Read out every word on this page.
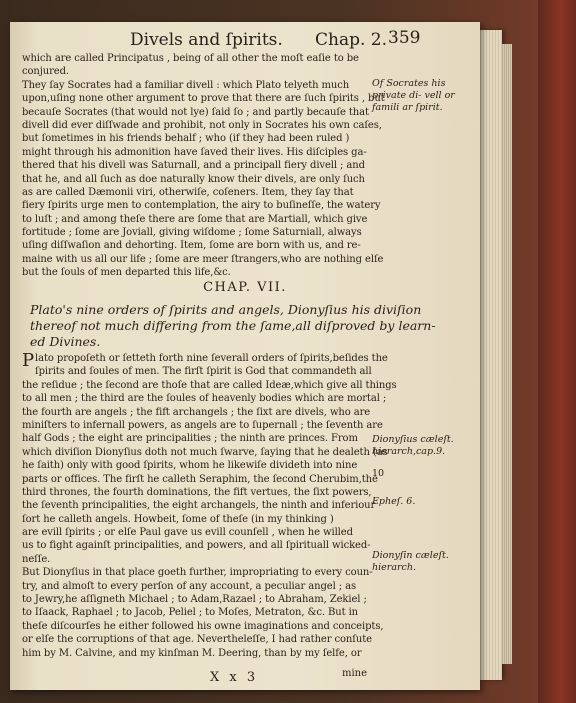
Divels and ſpirits. Chap. 2. 359
which are called Principatus , being of all other the moſt eaſie to be
conjured.
They ſay Socrates had a familiar divell : which Plato telyeth much
upon,uſing none other argument to prove that there are ſuch ſpirits , but
becauſe Socrates (that would not lye) ſaid ſo ; and partly becauſe that
divell did ever diſſwade and prohibit, not only in Socrates his own caſes,
but ſometimes in his friends behalf ; who (if they had been ruled )
might through his admonition have ſaved their lives. His diſciples ga-
thered that his divell was Saturnall, and a principall fiery divell ; and
that he, and all ſuch as doe naturally know their divels, are only ſuch
as are called Dæmonii viri, otherwiſe, coſeners. Item, they ſay that
fiery ſpirits urge men to contemplation, the airy to buſineſſe, the watery
to luſt ; and among theſe there are ſome that are Martiall, which give
fortitude ; ſome are Joviall, giving wiſdome ; ſome Saturniall, always
uſing diſſwaſion and dehorting. Item, ſome are born with us, and re-
maine with us all our life ; ſome are meer ſtrangers,who are nothing elſe
but the ſouls of men departed this life,&c.
Of Socrates his private di- vell or famili ar ſpirit.
CHAP. VII.
Plato's nine orders of ſpirits and angels, Dionyſius his diviſion
thereof not much differing from the ſame,all diſproved by learn-
ed Divines.
Plato propoſeth or ſetteth forth nine ſeverall orders of ſpirits,beſides the
ſpirits and ſoules of men. The firſt ſpirit is God that commandeth all
the reſidue ; the ſecond are thoſe that are called Ideæ,which give all things
to all men ; the third are the ſoules of heavenly bodies which are mortal ;
the fourth are angels ; the fift archangels ; the ſixt are divels, who are
miniſters to infernall powers, as angels are to ſupernall ; the ſeventh are
half Gods ; the eight are principalities ; the ninth are princes. From
which diviſion Dionyſius doth not much ſwarve, ſaying that he dealeth (as
he ſaith) only with good ſpirits, whom he likewiſe divideth into nine
parts or offices. The firſt he calleth Seraphim, the ſecond Cherubim,the
third thrones, the fourth dominations, the fift vertues, the ſixt powers,
the ſeventh principalities, the eight archangels, the ninth and inferiour
ſort he calleth angels. Howbeit, ſome of theſe (in my thinking )
are evill ſpirits ; or elſe Paul gave us evill counſell , when he willed
us to fight againſt principalities, and powers, and all ſpirituall wicked-
neſſe.
But Dionyſius in that place goeth further, impropriating to every coun-
try, and almoſt to every perſon of any account, a peculiar angel ; as
to Jewry,he aſſigneth Michael ; to Adam,Razael ; to Abraham, Zekiel ;
to Iſaack, Raphael ; to Jacob, Peliel ; to Moſes, Metraton, &c. But in
theſe diſcourſes he either followed his owne imaginations and conceipts,
or elſe the corruptions of that age. Nevertheleſſe, I had rather conſute
him by M. Calvine, and my kinſman M. Deering, than by my ſelfe, or
Dionyſius cæleſt. hierarch,cap.9.
10
Epheſ. 6.
Dionyſin cæleſt. hierarch.
X x 3	mine
